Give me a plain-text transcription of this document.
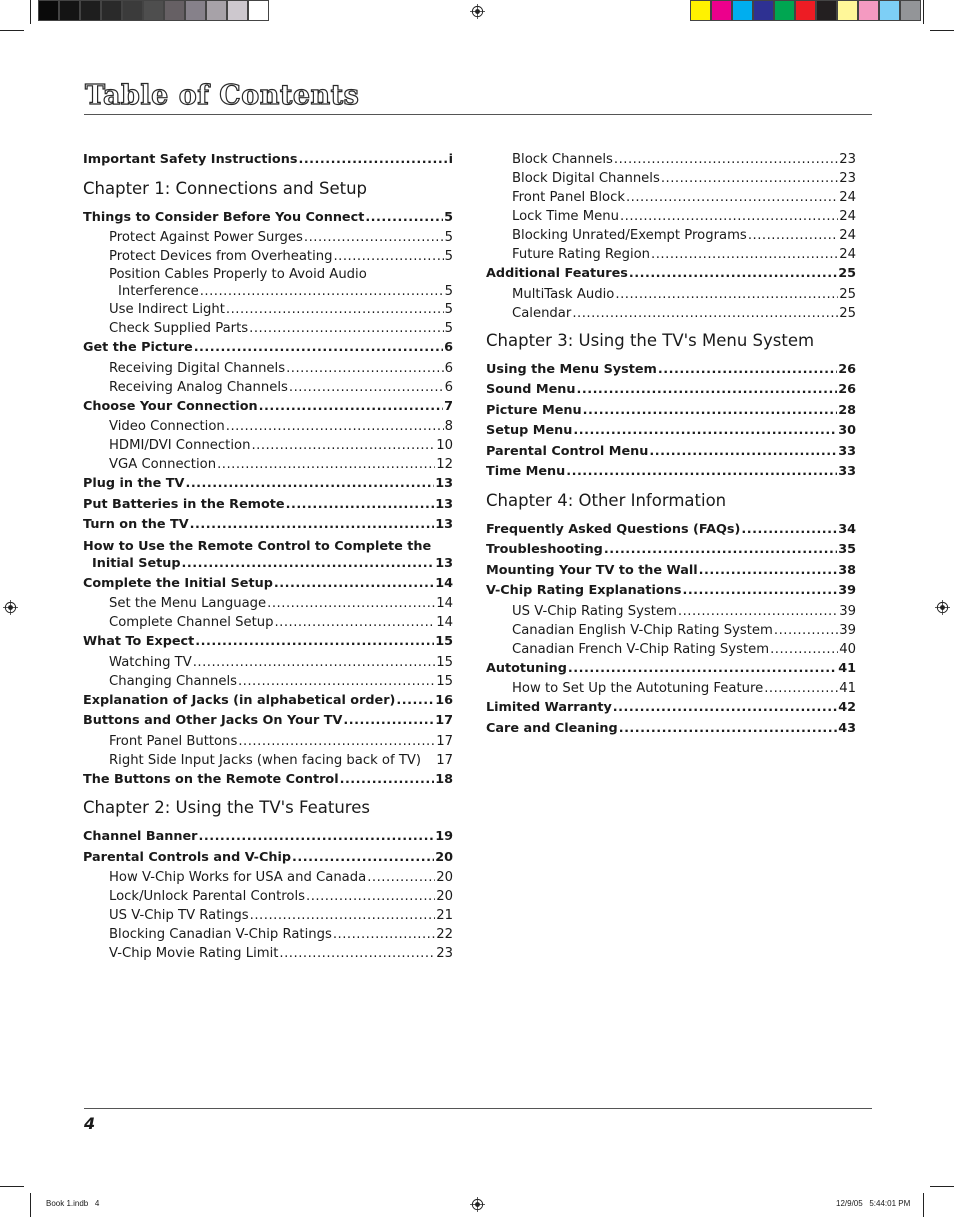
Table of Contents
Important Safety Instructions .....	i
Chapter 1: Connections and Setup
Things to Consider Before You Connect .....	5
Protect Against Power Surges .....	5
Protect Devices from Overheating .....	5
Position Cables Properly to Avoid Audio
Interference .....	5
Use Indirect Light .....	5
Check Supplied Parts .....	5
Get the Picture .....	6
Receiving Digital Channels .....	6
Receiving Analog Channels .....	6
Choose Your Connection .....	7
Video Connection .....	8
HDMI/DVI Connection .....	10
VGA Connection .....	12
Plug in the TV .....	13
Put Batteries in the Remote .....	13
Turn on the TV .....	13
How to Use the Remote Control to Complete the
Initial Setup .....	13
Complete the Initial Setup .....	14
Set the Menu Language .....	14
Complete Channel Setup .....	14
What To Expect .....	15
Watching TV .....	15
Changing Channels .....	15
Explanation of Jacks (in alphabetical order) .....	16
Buttons and Other Jacks On Your TV .....	17
Front Panel Buttons .....	17
Right Side Input Jacks (when facing back of TV) 17
The Buttons on the Remote Control .....	18
Chapter 2: Using the TV's Features
Channel Banner .....	19
Parental Controls and V-Chip .....	20
How V-Chip Works for USA and Canada .....	20
Lock/Unlock Parental Controls .....	20
US V-Chip TV Ratings .....	21
Blocking Canadian V-Chip Ratings .....	22
V-Chip Movie Rating Limit .....	23
Block Channels .....	23
Block Digital Channels .....	23
Front Panel Block .....	24
Lock Time Menu .....	24
Blocking Unrated/Exempt Programs .....	24
Future Rating Region .....	24
Additional Features .....	25
MultiTask Audio .....	25
Calendar .....	25
Chapter 3: Using the TV's Menu System
Using the Menu System .....	26
Sound Menu .....	26
Picture Menu .....	28
Setup Menu .....	30
Parental Control Menu .....	33
Time Menu .....	33
Chapter 4: Other Information
Frequently Asked Questions (FAQs) .....	34
Troubleshooting .....	35
Mounting Your TV to the Wall .....	38
V-Chip Rating Explanations .....	39
US V-Chip Rating System .....	39
Canadian English V-Chip Rating System .....	39
Canadian French V-Chip Rating System .....	40
Autotuning .....	41
How to Set Up the Autotuning Feature .....	41
Limited Warranty .....	42
Care and Cleaning .....	43

4

Book 1.indb   4	12/9/05   5:44:01 PM
